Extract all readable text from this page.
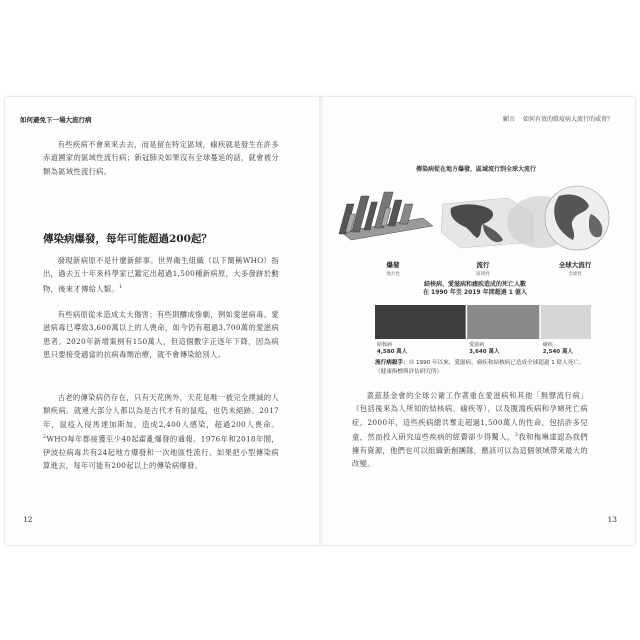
如何避免下一場大流行病
有些疾病不會來來去去，而是留在特定區域，瘧疾就是發生在許多赤道國家的區域性流行病；新冠肺炎如果沒有全球蔓延的話，就會被分類為區域性流行病。
傳染病爆發，每年可能超過200起？
發現新病原不是什麼新鮮事。世界衛生組織（以下簡稱WHO）指出，過去五十年來科學家已鑑定出超過1,500種新病原，大多發跡於動物，後來才傳給人類。$^1$
有些病原從未造成太大傷害；有些則釀成慘劇，例如愛滋病毒。愛滋病毒已導致3,600萬以上的人喪命，如今仍有超過3,700萬的愛滋病患者。2020年新增案例有150萬人，但這個數字正逐年下降，因為病患只要接受適當的抗病毒劑治療，就不會傳染給別人。
古老的傳染病仍存在，只有天花例外，天花是唯一被完全撲滅的人類疾病。就連大部分人都以為是古代才有的鼠疫，也仍未絕跡。2017年，鼠疫入侵馬達加斯加，造成2,400人感染，超過200人喪命。$^2$WHO每年都接獲至少40起霍亂爆發的通報。1976年和2018年間，伊波拉病毒共有24起地方爆發和一次地區性流行。如果把小型傳染病算進去，每年可能有200起以上的傳染病爆發。
12
顧言 如何有效的組疫病大流行的威脅？
傳染病從在地方爆發，區域流行到全球大流行
爆發
地方性
流行
區域性
全球大流行
全球性
結核病、愛滋病和瘧疾造成的死亡人數
在 1990 年至 2019 年間超過 1 億人
結核病
4,580 萬人
愛滋病
3,640 萬人
瘧疾
2,540 萬人
流行病殺手：自 1990 年以來，愛滋病、瘧疾和結核病已造成全球超過 1 億人死亡。（健康指標與評估研究所）
蓋茲基金會的全球公衛工作著重在愛滋病和其他「無聲流行病」（包括後來為人所知的結核病、瘧疾等），以及腹瀉疾病和孕婦死亡病症。2000年，這些疾病總共奪走超過1,500萬人的性命，包括許多兒童，然而投入研究這些疾病的經費卻少得驚人。$^3$我和梅琳達認為我們擁有資源，他們也可以組織新創團隊，應該可以為這個領域帶來最大的改變。
13
